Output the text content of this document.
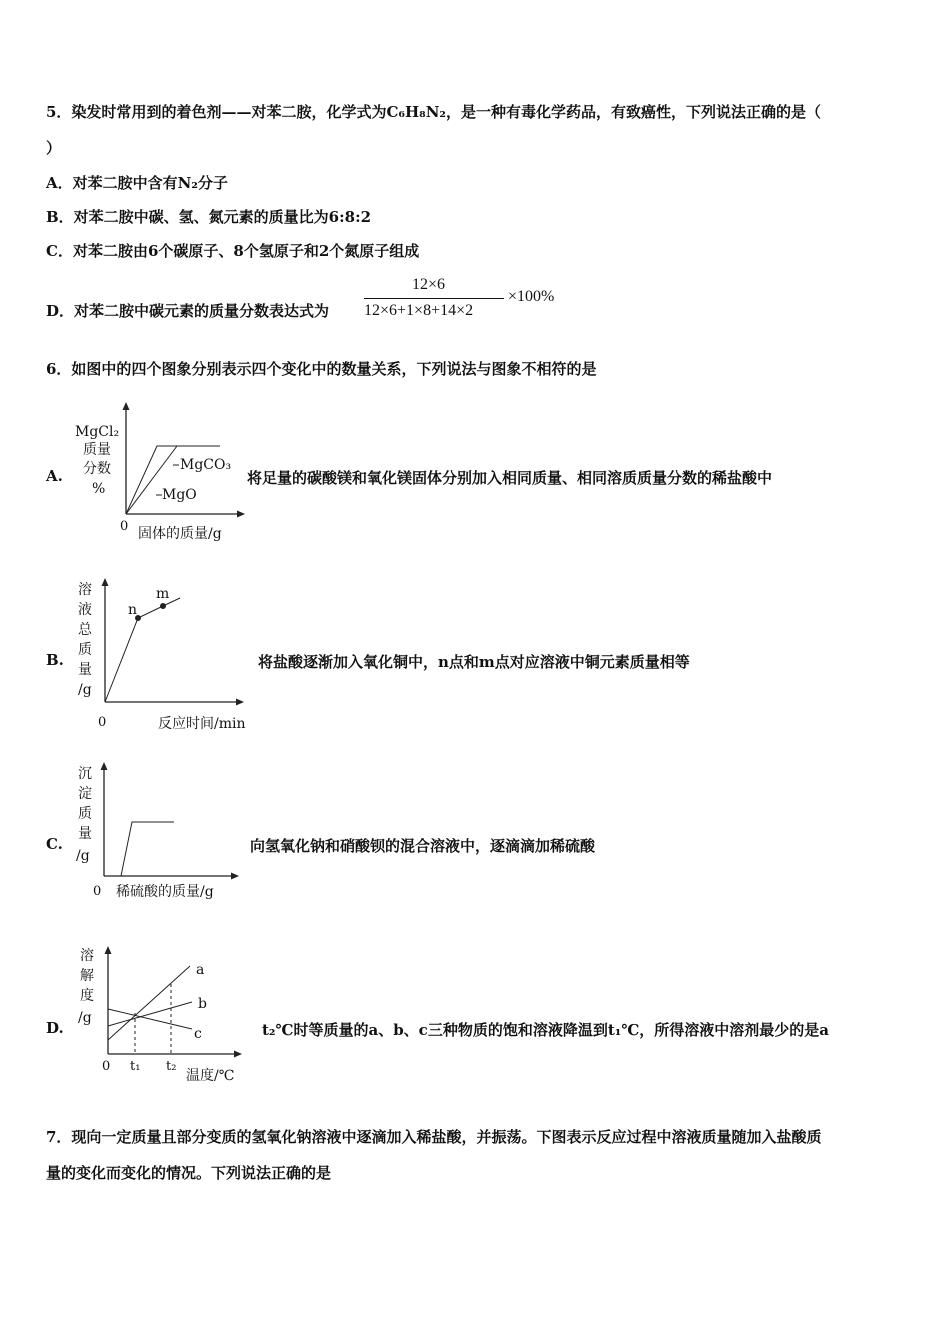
5．染发时常用到的着色剂——对苯二胺，化学式为C₆H₈N₂，是一种有毒化学药品，有致癌性，下列说法正确的是（
）
A．对苯二胺中含有N₂分子
B．对苯二胺中碳、氢、氮元素的质量比为6:8:2
C．对苯二胺由6个碳原子、8个氢原子和2个氮原子组成
D．对苯二胺中碳元素的质量分数表达式为
12×6
12×6+1×8+14×2
×100%
6．如图中的四个图象分别表示四个变化中的数量关系，下列说法与图象不相符的是
A.
MgCl₂
质量
分数
%
MgCO₃
MgO
0 固体的质量/g
将足量的碳酸镁和氧化镁固体分别加入相同质量、相同溶质质量分数的稀盐酸中
B.
溶
液
总
质
量
/g
n
m
0	反应时间/min
将盐酸逐渐加入氧化铜中，n点和m点对应溶液中铜元素质量相等
C.
沉
淀
质
量
/g
0 稀硫酸的质量/g
向氢氧化钠和硝酸钡的混合溶液中，逐滴滴加稀硫酸
D.
溶
解
度
/g
a
b
c
0 t₁ t₂
温度/℃
t₂℃时等质量的a、b、c三种物质的饱和溶液降温到t₁℃，所得溶液中溶剂最少的是a
7．现向一定质量且部分变质的氢氧化钠溶液中逐滴加入稀盐酸，并振荡。下图表示反应过程中溶液质量随加入盐酸质
量的变化而变化的情况。下列说法正确的是
